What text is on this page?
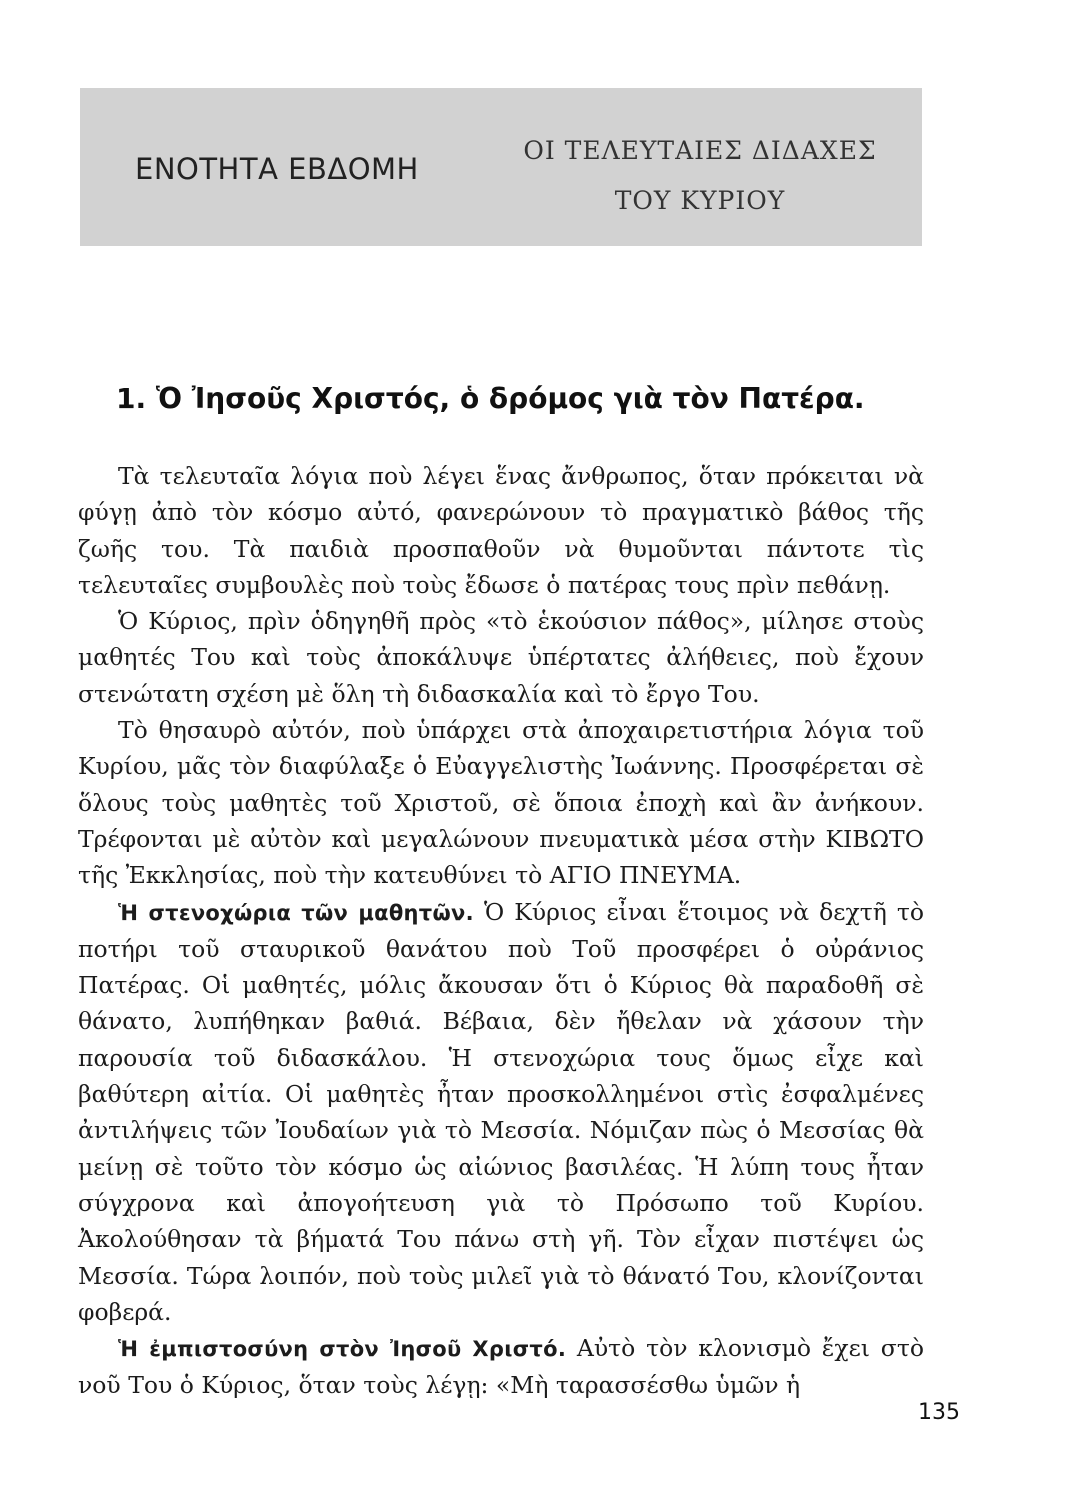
ΕΝΟΤΗΤΑ ΕΒΔΟΜΗ
ΟΙ ΤΕΛΕΥΤΑΙΕΣ ΔΙΔΑΧΕΣ
ΤΟΥ ΚΥΡΙΟΥ
1. Ὁ Ἰησοῦς Χριστός, ὁ δρόμος γιὰ τὸν Πατέρα.

Τὰ τελευταῖα λόγια ποὺ λέγει ἕνας ἄνθρωπος, ὅταν πρόκειται νὰ φύγῃ ἀπὸ τὸν κόσμο αὐτό, φανερώνουν τὸ πραγματικὸ βάθος τῆς ζωῆς του. Τὰ παιδιὰ προσπαθοῦν νὰ θυμοῦνται πάντοτε τὶς τελευταῖες συμβουλὲς ποὺ τοὺς ἔδωσε ὁ πατέρας τους πρὶν πεθάνῃ.

Ὁ Κύριος, πρὶν ὁδηγηθῆ πρὸς «τὸ ἑκούσιον πάθος», μίλησε στοὺς μαθητές Του καὶ τοὺς ἀποκάλυψε ὑπέρτατες ἀλήθειες, ποὺ ἔχουν στενώτατη σχέση μὲ ὅλη τὴ διδασκαλία καὶ τὸ ἔργο Του.

Τὸ θησαυρὸ αὐτόν, ποὺ ὑπάρχει στὰ ἀποχαιρετιστήρια λόγια τοῦ Κυρίου, μᾶς τὸν διαφύλαξε ὁ Εὐαγγελιστὴς Ἰωάννης. Προσφέρεται σὲ ὅλους τοὺς μαθητὲς τοῦ Χριστοῦ, σὲ ὅποια ἐποχὴ καὶ ἂν ἀνήκουν. Τρέφονται μὲ αὐτὸν καὶ μεγαλώνουν πνευματικὰ μέσα στὴν ΚΙΒΩΤΟ τῆς Ἐκκλησίας, ποὺ τὴν κατευθύνει τὸ ΑΓΙΟ ΠΝΕΥΜΑ.

Ἡ στενοχώρια τῶν μαθητῶν. Ὁ Κύριος εἶναι ἕτοιμος νὰ δεχτῆ τὸ ποτήρι τοῦ σταυρικοῦ θανάτου ποὺ Τοῦ προσφέρει ὁ οὐράνιος Πατέρας. Οἱ μαθητές, μόλις ἄκουσαν ὅτι ὁ Κύριος θὰ παραδοθῆ σὲ θάνατο, λυπήθηκαν βαθιά. Βέβαια, δὲν ἤθελαν νὰ χάσουν τὴν παρουσία τοῦ διδασκάλου. Ἡ στενοχώρια τους ὅμως εἶχε καὶ βαθύτερη αἰτία. Οἱ μαθητὲς ἦταν προσκολλημένοι στὶς ἐσφαλμένες ἀντιλήψεις τῶν Ἰουδαίων γιὰ τὸ Μεσσία. Νόμιζαν πὼς ὁ Μεσσίας θὰ μείνῃ σὲ τοῦτο τὸν κόσμο ὡς αἰώνιος βασιλέας. Ἡ λύπη τους ἦταν σύγχρονα καὶ ἀπογοήτευση γιὰ τὸ Πρόσωπο τοῦ Κυρίου. Ἀκολούθησαν τὰ βήματά Του πάνω στὴ γῆ. Τὸν εἶχαν πιστέψει ὡς Μεσσία. Τώρα λοιπόν, ποὺ τοὺς μιλεῖ γιὰ τὸ θάνατό Του, κλονίζονται φοβερά.

Ἡ ἐμπιστοσύνη στὸν Ἰησοῦ Χριστό. Αὐτὸ τὸν κλονισμὸ ἔχει στὸ νοῦ Του ὁ Κύριος, ὅταν τοὺς λέγῃ: «Μὴ ταρασσέσθω ὑμῶν ἡ

135
